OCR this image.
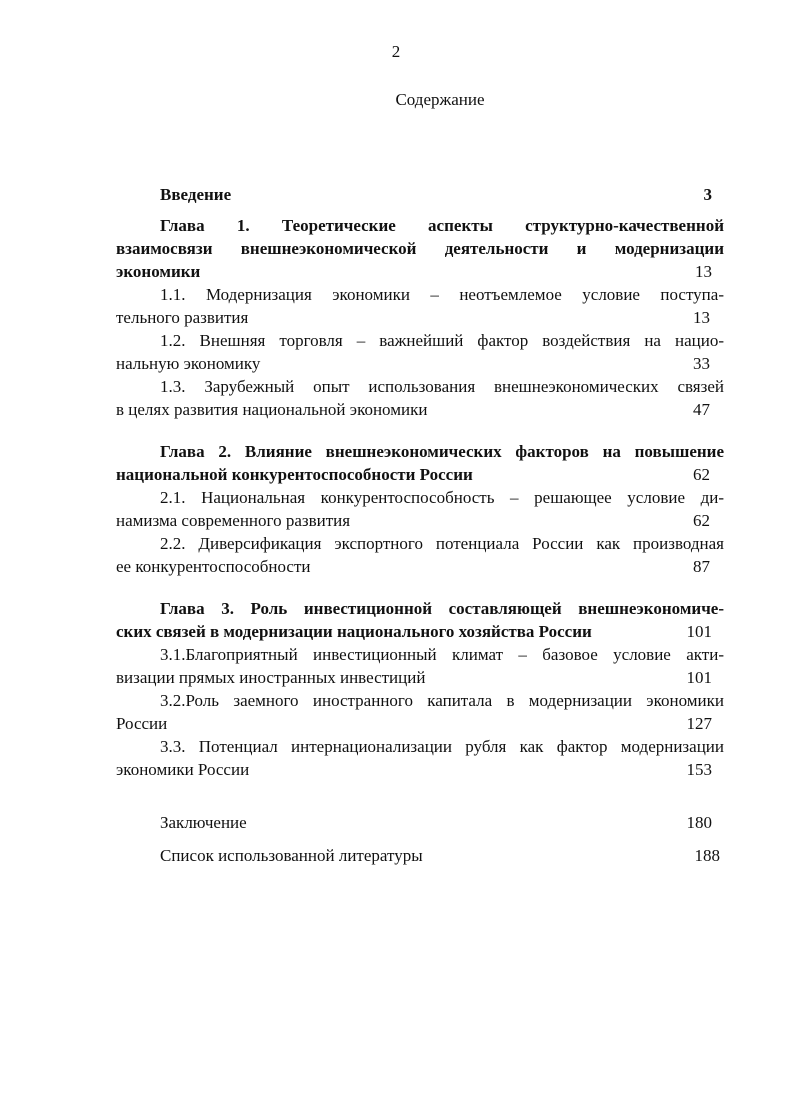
2
Содержание
Введение	3
Глава 1. Теоретические аспекты структурно-качественной
взаимосвязи внешнеэкономической деятельности и модернизации
экономики	13
1.1. Модернизация экономики – неотъемлемое условие поступа-
тельного развития	13
1.2. Внешняя торговля – важнейший фактор воздействия на нацио-
нальную экономику	33
1.3. Зарубежный опыт использования внешнеэкономических связей
в целях развития национальной экономики	47
Глава 2. Влияние внешнеэкономических факторов на повышение
национальной конкурентоспособности России	62
2.1. Национальная конкурентоспособность – решающее условие ди-
намизма современного развития	62
2.2. Диверсификация экспортного потенциала России как производная
ее конкурентоспособности	87
Глава 3. Роль инвестиционной составляющей внешнеэкономиче-
ских связей в модернизации национального хозяйства России	101
3.1.Благоприятный инвестиционный климат – базовое условие акти-
визации прямых иностранных инвестиций	101
3.2.Роль заемного иностранного капитала в модернизации экономики
России	127
3.3. Потенциал интернационализации рубля как фактор модернизации
экономики России	153
Заключение	180
Список использованной литературы	188
